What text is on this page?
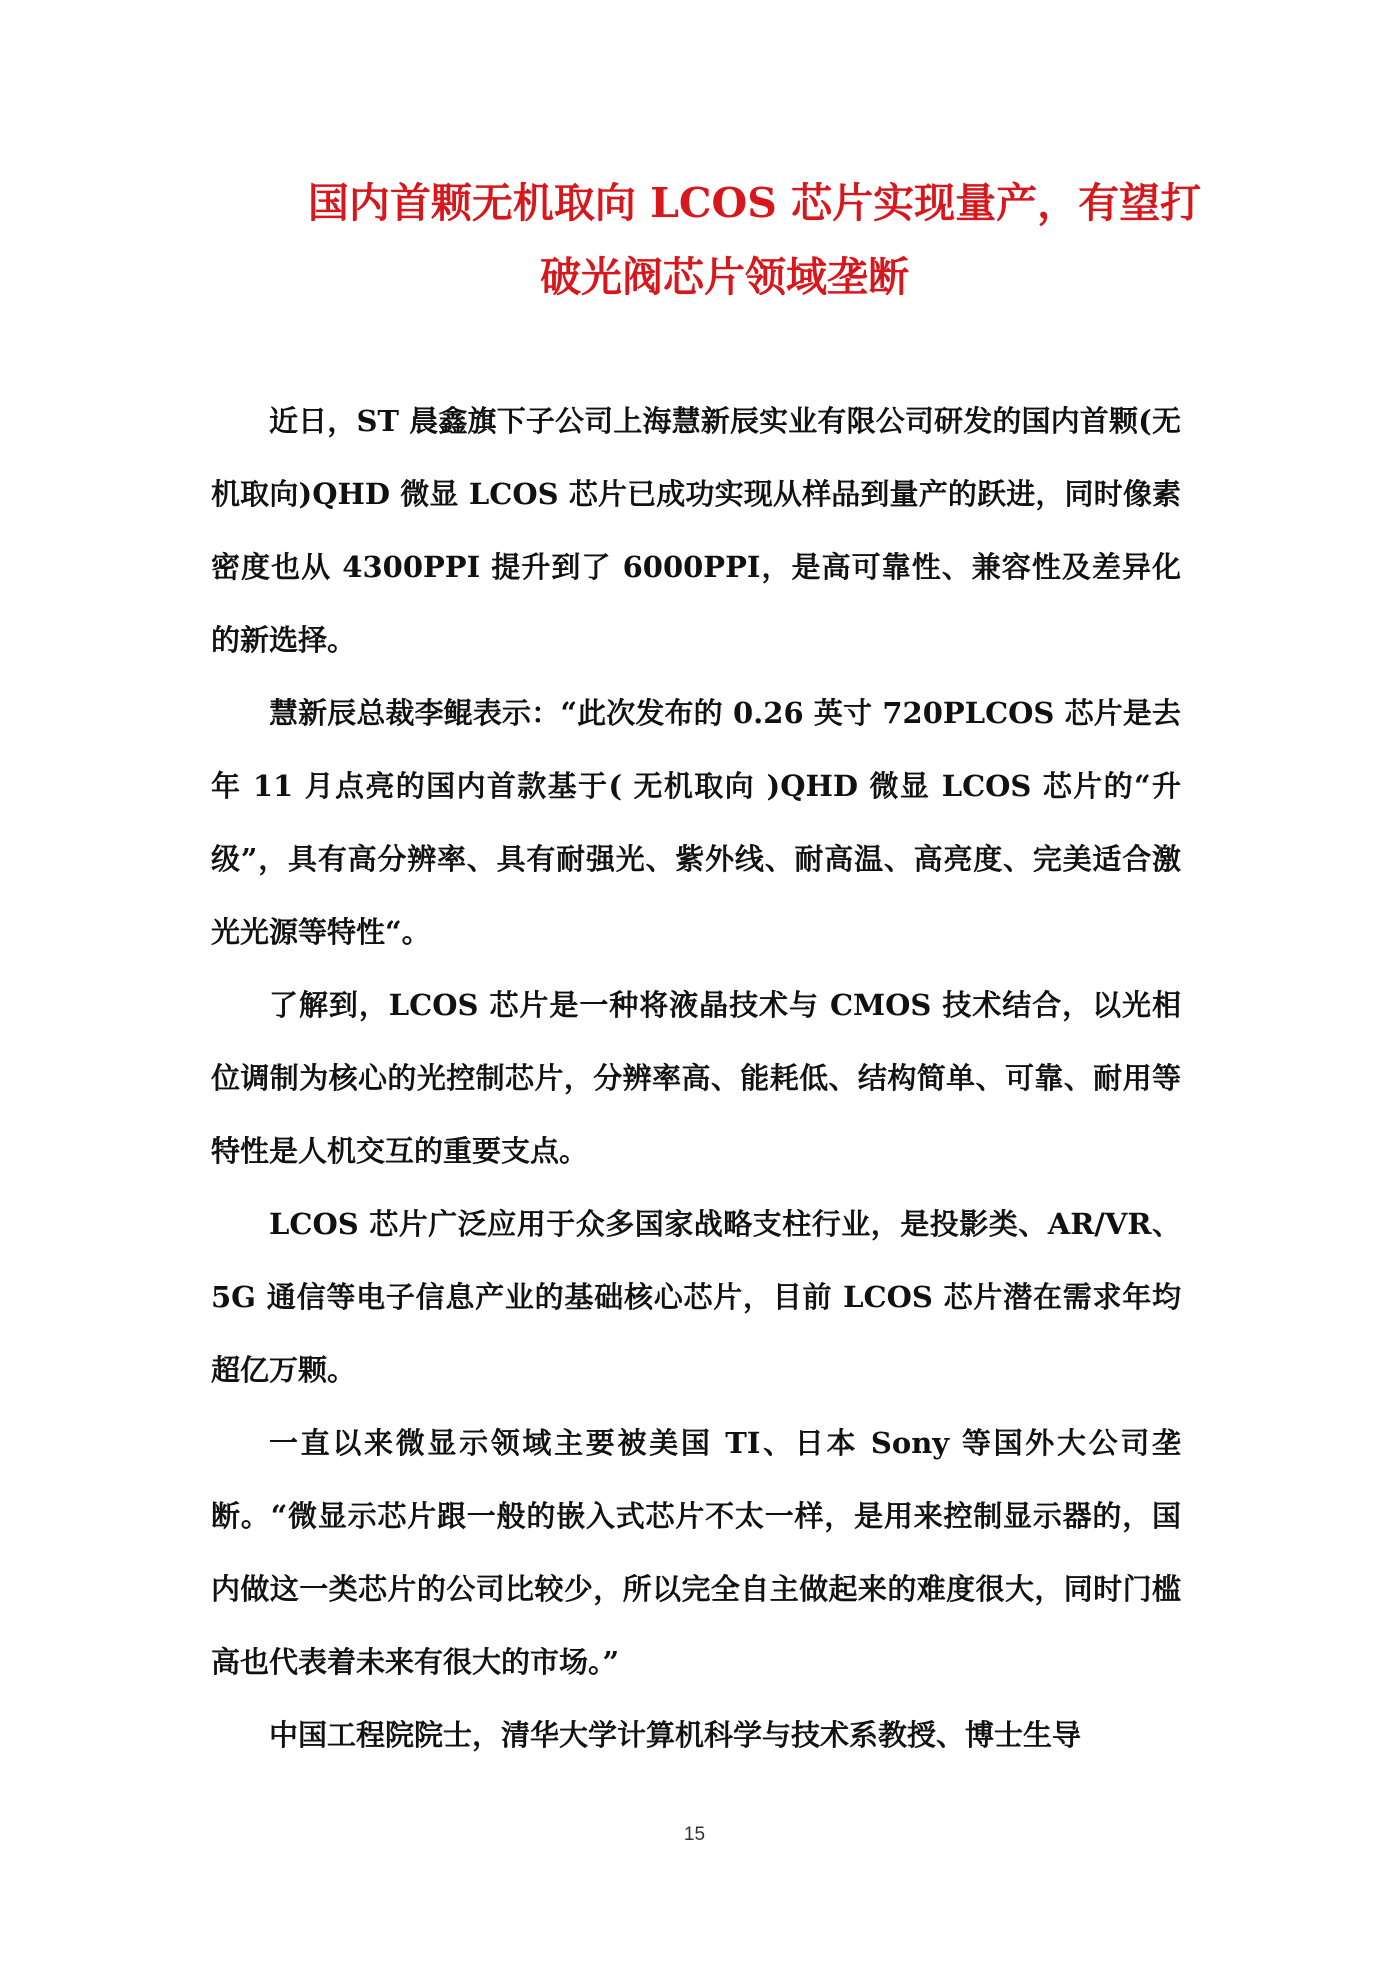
国内首颗无机取向 LCOS 芯片实现量产，有望打
破光阀芯片领域垄断

近日，ST 晨鑫旗下子公司上海慧新辰实业有限公司研发的国内首颗(无机取向)QHD 微显 LCOS 芯片已成功实现从样品到量产的跃进，同时像素密度也从 4300PPI 提升到了 6000PPI，是高可靠性、兼容性及差异化的新选择。

慧新辰总裁李鲲表示：“此次发布的 0.26 英寸 720PLCOS 芯片是去年 11 月点亮的国内首款基于( 无机取向 )QHD 微显 LCOS 芯片的“升级”，具有高分辨率、具有耐强光、紫外线、耐高温、高亮度、完美适合激光光源等特性“。

了解到，LCOS 芯片是一种将液晶技术与 CMOS 技术结合，以光相位调制为核心的光控制芯片，分辨率高、能耗低、结构简单、可靠、耐用等特性是人机交互的重要支点。

LCOS 芯片广泛应用于众多国家战略支柱行业，是投影类、AR/VR、5G 通信等电子信息产业的基础核心芯片，目前 LCOS 芯片潜在需求年均超亿万颗。

一直以来微显示领域主要被美国 TI、日本 Sony 等国外大公司垄断。“微显示芯片跟一般的嵌入式芯片不太一样，是用来控制显示器的，国内做这一类芯片的公司比较少，所以完全自主做起来的难度很大，同时门槛高也代表着未来有很大的市场。”

中国工程院院士，清华大学计算机科学与技术系教授、博士生导

15
